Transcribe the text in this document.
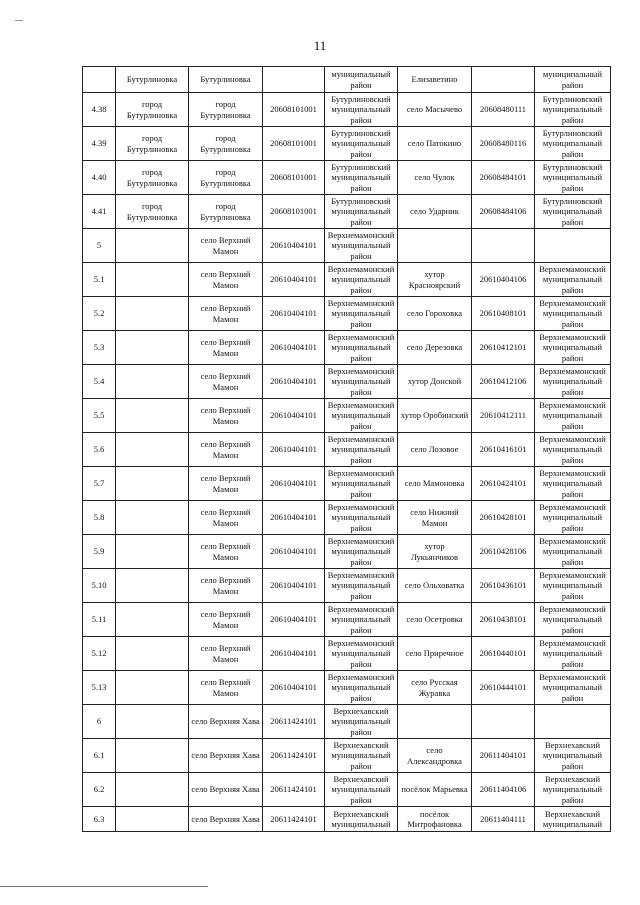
11
	Бутурлиновка	Бутурлиновка		муниципальный район	Елизаветино		муниципальный район
4.38	город Бутурлиновка	город Бутурлиновка	20608101001	Бутурлиновский муниципальный район	село Масычево	20608480111	Бутурлиновский муниципальный район
4.39	город Бутурлиновка	город Бутурлиновка	20608101001	Бутурлиновский муниципальный район	село Патокино	20608480116	Бутурлиновский муниципальный район
4.40	город Бутурлиновка	город Бутурлиновка	20608101001	Бутурлиновский муниципальный район	село Чулок	20608484101	Бутурлиновский муниципальный район
4.41	город Бутурлиновка	город Бутурлиновка	20608101001	Бутурлиновский муниципальный район	село Ударник	20608484106	Бутурлиновский муниципальный район
5		село Верхний Мамон	20610404101	Верхнемамонский муниципальный район			
5.1		село Верхний Мамон	20610404101	Верхнемамонский муниципальный район	хутор Красноярский	20610404106	Верхнемамонский муниципальный район
5.2		село Верхний Мамон	20610404101	Верхнемамонский муниципальный район	село Гороховка	20610408101	Верхнемамонский муниципальный район
5.3		село Верхний Мамон	20610404101	Верхнемамонский муниципальный район	село Дерезовка	20610412101	Верхнемамонский муниципальный район
5.4		село Верхний Мамон	20610404101	Верхнемамонский муниципальный район	хутор Донской	20610412106	Верхнемамонский муниципальный район
5.5		село Верхний Мамон	20610404101	Верхнемамонский муниципальный район	хутор Оробинский	20610412111	Верхнемамонский муниципальный район
5.6		село Верхний Мамон	20610404101	Верхнемамонский муниципальный район	село Лозовое	20610416101	Верхнемамонский муниципальный район
5.7		село Верхний Мамон	20610404101	Верхнемамонский муниципальный район	село Мамоновка	20610424101	Верхнемамонский муниципальный район
5.8		село Верхний Мамон	20610404101	Верхнемамонский муниципальный район	село Нижний Мамон	20610428101	Верхнемамонский муниципальный район
5.9		село Верхний Мамон	20610404101	Верхнемамонский муниципальный район	хутор Лукьянчиков	20610428106	Верхнемамонский муниципальный район
5.10		село Верхний Мамон	20610404101	Верхнемамонский муниципальный район	село Ольховатка	20610436101	Верхнемамонский муниципальный район
5.11		село Верхний Мамон	20610404101	Верхнемамонский муниципальный район	село Осетровка	20610438101	Верхнемамонский муниципальный район
5.12		село Верхний Мамон	20610404101	Верхнемамонский муниципальный район	село Приречное	20610440101	Верхнемамонский муниципальный район
5.13		село Верхний Мамон	20610404101	Верхнемамонский муниципальный район	село Русская Журавка	20610444101	Верхнемамонский муниципальный район
6		село Верхняя Хава	20611424101	Верхнехавский муниципальный район			
6.1		село Верхняя Хава	20611424101	Верхнехавский муниципальный район	село Александровка	20611404101	Верхнехавский муниципальный район
6.2		село Верхняя Хава	20611424101	Верхнехавский муниципальный район	посёлок Марьевка	20611404106	Верхнехавский муниципальный район
6.3		село Верхняя Хава	20611424101	Верхнехавский муниципальный	посёлок Митрофановка	20611404111	Верхнехавский муниципальный
